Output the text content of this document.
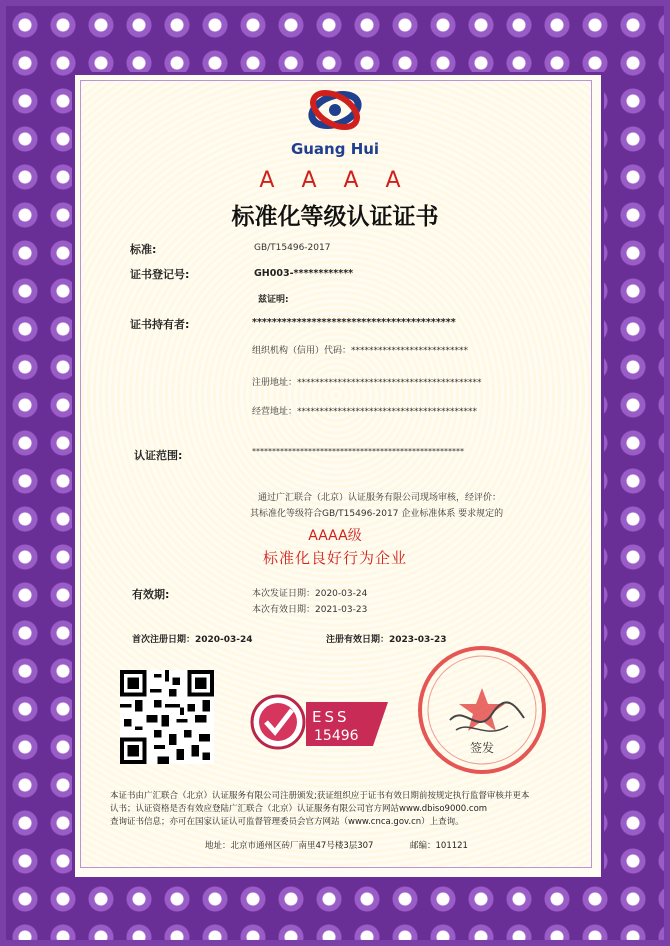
Guang Hui
A A A A
标准化等级认证证书
标准:	GB/T15496-2017
证书登记号:	GH003-************
兹证明:
证书持有者:	*****************************************
组织机构（信用）代码：**************************
注册地址：*****************************************
经营地址：****************************************
认证范围:	*****************************************************
通过广汇联合（北京）认证服务有限公司现场审核，经评价：
其标准化等级符合GB/T15496-2017 企业标准体系 要求规定的
AAAA级
标准化良好行为企业
有效期:	本次发证日期：2020-03-24
本次有效日期：2021-03-23
首次注册日期：2020-03-24	注册有效日期：2023-03-23
ESS
15496
签发
本证书由广汇联合（北京）认证服务有限公司注册颁发;获证组织应于证书有效日期前按规定执行监督审核并更本
认书；认证资格是否有效应登陆广汇联合（北京）认证服务有限公司官方网站www.dbiso9000.com
查询证书信息；亦可在国家认证认可监督管理委员会官方网站（www.cnca.gov.cn）上查询。
地址：北京市通州区砖厂南里47号楼3层307	邮编：101121
